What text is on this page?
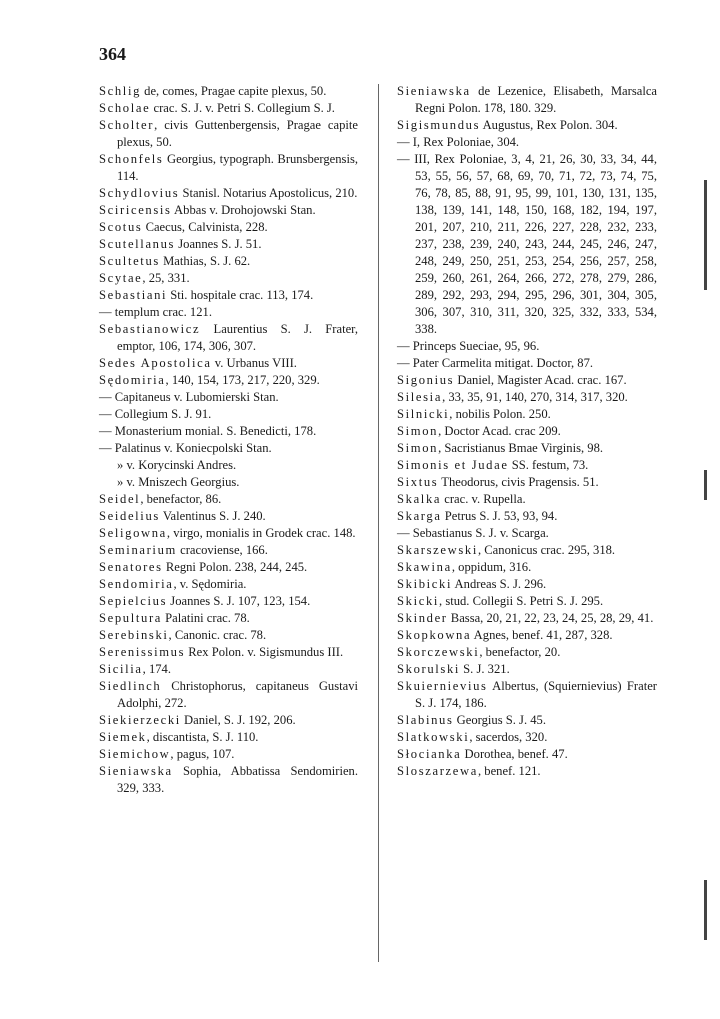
364
Schlig de, comes, Pragae capite plexus, 50.
Scholae crac. S. J. v. Petri S. Collegium S. J.
Scholter, civis Guttenbergensis, Pragae capite plexus, 50.
Schonfels Georgius, typograph. Brunsbergensis, 114.
Schydlovius Stanisl. Notarius Apostolicus, 210.
Sciricensis Abbas v. Drohojowski Stan.
Scotus Caecus, Calvinista, 228.
Scutellanus Joannes S. J. 51.
Scultetus Mathias, S. J. 62.
Scytae, 25, 331.
Sebastiani Sti. hospitale crac. 113, 174.
— templum crac. 121.
Sebastianowicz Laurentius S. J. Frater, emptor, 106, 174, 306, 307.
Sedes Apostolica v. Urbanus VIII.
Sędomiria, 140, 154, 173, 217, 220, 329.
— Capitaneus v. Lubomierski Stan.
— Collegium S. J. 91.
— Monasterium monial. S. Benedicti, 178.
— Palatinus v. Koniecpolski Stan.
» v. Korycinski Andres.
» v. Mniszech Georgius.
Seidel, benefactor, 86.
Seidelius Valentinus S. J. 240.
Seligowna, virgo, monialis in Grodek crac. 148.
Seminarium cracoviense, 166.
Senatores Regni Polon. 238, 244, 245.
Sendomiria, v. Sędomiria.
Sepielcius Joannes S. J. 107, 123, 154.
Sepultura Palatini crac. 78.
Serebinski, Canonic. crac. 78.
Serenissimus Rex Polon. v. Sigismundus III.
Sicilia, 174.
Siedlinch Christophorus, capitaneus Gustavi Adolphi, 272.
Siekierzecki Daniel, S. J. 192, 206.
Siemek, discantista, S. J. 110.
Siemichow, pagus, 107.
Sieniawska Sophia, Abbatissa Sendomirien. 329, 333.
Sieniawska de Lezenice, Elisabeth, Marsalca Regni Polon. 178, 180. 329.
Sigismundus Augustus, Rex Polon. 304.
— I, Rex Poloniae, 304.
— III, Rex Poloniae, 3, 4, 21, 26, 30, 33, 34, 44, 53, 55, 56, 57, 68, 69, 70, 71, 72, 73, 74, 75, 76, 78, 85, 88, 91, 95, 99, 101, 130, 131, 135, 138, 139, 141, 148, 150, 168, 182, 194, 197, 201, 207, 210, 211, 226, 227, 228, 232, 233, 237, 238, 239, 240, 243, 244, 245, 246, 247, 248, 249, 250, 251, 253, 254, 256, 257, 258, 259, 260, 261, 264, 266, 272, 278, 279, 286, 289, 292, 293, 294, 295, 296, 301, 304, 305, 306, 307, 310, 311, 320, 325, 332, 333, 534, 338.
— Princeps Sueciae, 95, 96.
— Pater Carmelita mitigat. Doctor, 87.
Sigonius Daniel, Magister Acad. crac. 167.
Silesia, 33, 35, 91, 140, 270, 314, 317, 320.
Silnicki, nobilis Polon. 250.
Simon, Doctor Acad. crac 209.
Simon, Sacristianus Bmae Virginis, 98.
Simonis et Judae SS. festum, 73.
Sixtus Theodorus, civis Pragensis. 51.
Skalka crac. v. Rupella.
Skarga Petrus S. J. 53, 93, 94.
— Sebastianus S. J. v. Scarga.
Skarszewski, Canonicus crac. 295, 318.
Skawina, oppidum, 316.
Skibicki Andreas S. J. 296.
Skicki, stud. Collegii S. Petri S. J. 295.
Skinder Bassa, 20, 21, 22, 23, 24, 25, 28, 29, 41.
Skopkowna Agnes, benef. 41, 287, 328.
Skorczewski, benefactor, 20.
Skorulski S. J. 321.
Skuiernievius Albertus, (Squiernievius) Frater S. J. 174, 186.
Slabinus Georgius S. J. 45.
Slatkowski, sacerdos, 320.
Słocianka Dorothea, benef. 47.
Sloszarzewa, benef. 121.
